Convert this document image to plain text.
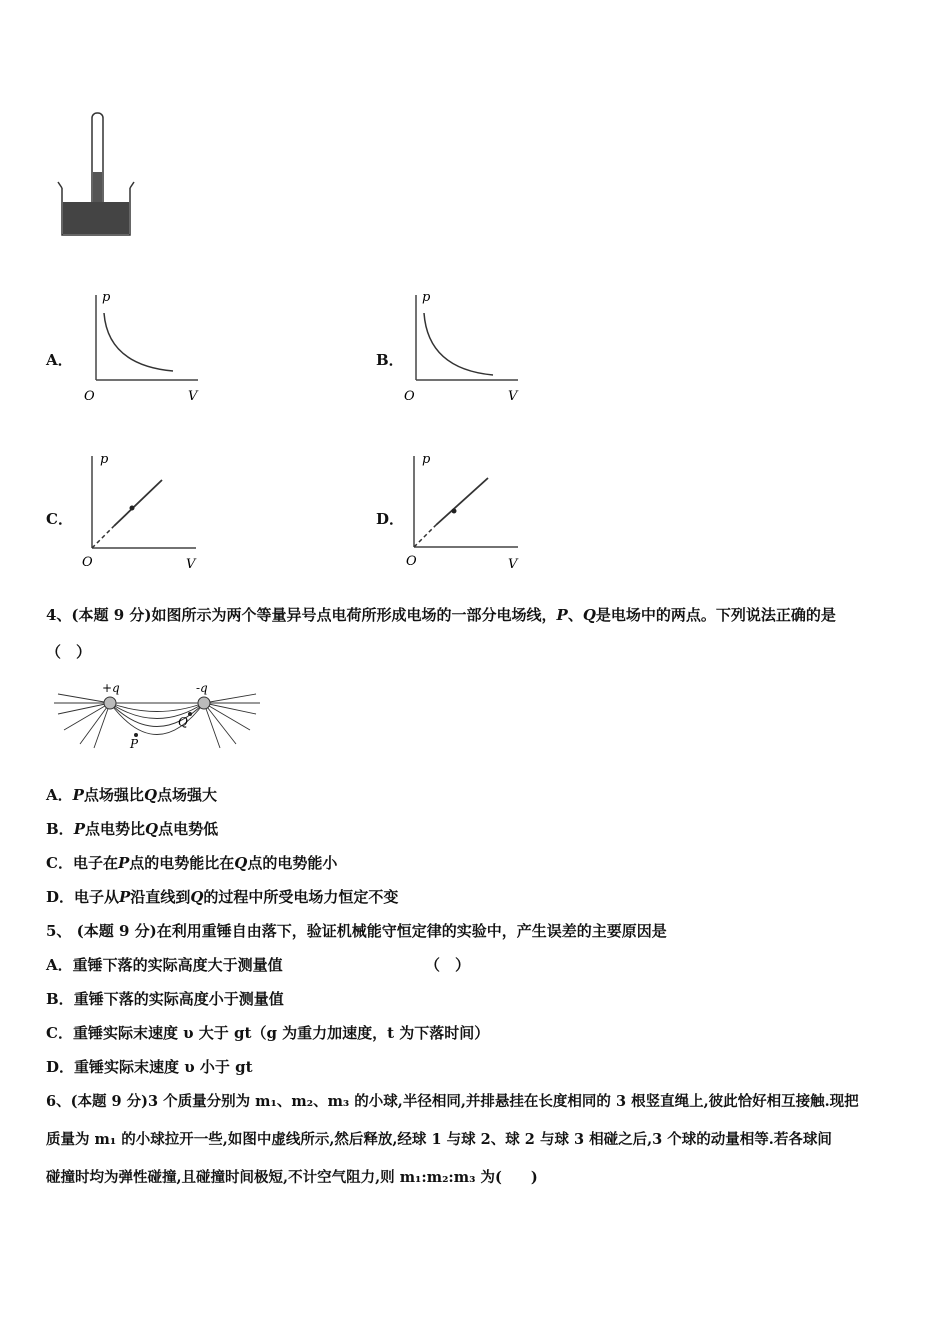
A．
p
V
O
B．
p
V
O
C．
p
V
O
D．
p
V
O
4、(本题 9 分)如图所示为两个等量异号点电荷所形成电场的一部分电场线，P、Q是电场中的两点。下列说法正确的是
（　）
+q	-q
P
Q
A．P点场强比Q点场强大
B．P点电势比Q点电势低
C．电子在P点的电势能比在Q点的电势能小
D．电子从P沿直线到Q的过程中所受电场力恒定不变
5、 (本题 9 分)在利用重锤自由落下，验证机械能守恒定律的实验中，产生误差的主要原因是
A．重锤下落的实际高度大于测量值	（　）
B．重锤下落的实际高度小于测量值
C．重锤实际末速度 υ 大于 gt（g 为重力加速度，t 为下落时间）
D．重锤实际末速度 υ 小于 gt
6、(本题 9 分)3 个质量分别为 m₁、m₂、m₃ 的小球,半径相同,并排悬挂在长度相同的 3 根竖直绳上,彼此恰好相互接触.现把
质量为 m₁ 的小球拉开一些,如图中虚线所示,然后释放,经球 1 与球 2、球 2 与球 3 相碰之后,3 个球的动量相等.若各球间
碰撞时均为弹性碰撞,且碰撞时间极短,不计空气阻力,则 m₁:m₂:m₃ 为(　　)
